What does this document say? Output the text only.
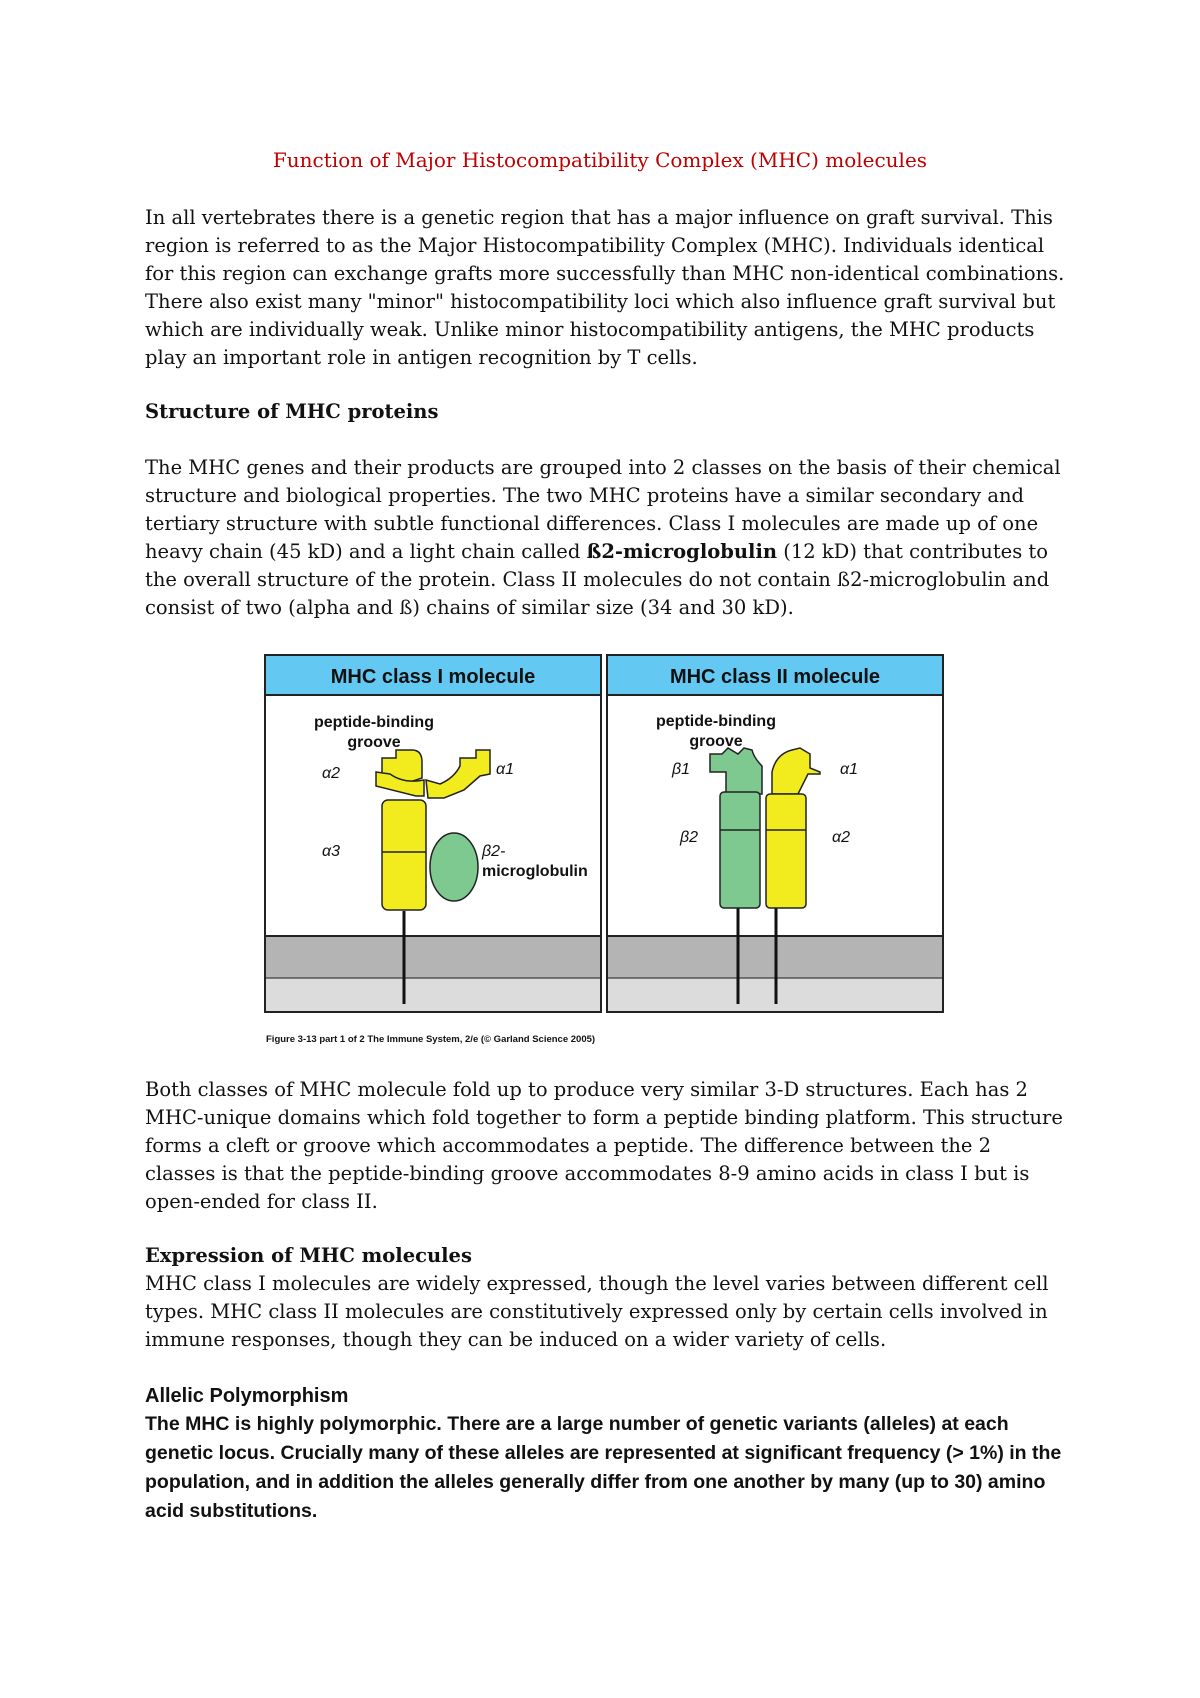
Function of Major Histocompatibility Complex (MHC) molecules

In all vertebrates there is a genetic region that has a major influence on graft survival. This region is referred to as the Major Histocompatibility Complex (MHC). Individuals identical for this region can exchange grafts more successfully than MHC non-identical combinations. There also exist many "minor" histocompatibility loci which also influence graft survival but which are individually weak. Unlike minor histocompatibility antigens, the MHC products play an important role in antigen recognition by T cells.

Structure of MHC proteins

The MHC genes and their products are grouped into 2 classes on the basis of their chemical structure and biological properties. The two MHC proteins have a similar secondary and tertiary structure with subtle functional differences. Class I molecules are made up of one heavy chain (45 kD) and a light chain called ß2-microglobulin (12 kD) that contributes to the overall structure of the protein. Class II molecules do not contain ß2-microglobulin and consist of two (alpha and ß) chains of similar size (34 and 30 kD).

MHC class I molecule
peptide-binding
groove
α2	α1
α3	β2-
microglobulin
MHC class II molecule
peptide-binding
groove
β1	α1
β2	α2
Figure 3-13 part 1 of 2 The Immune System, 2/e (© Garland Science 2005)

Both classes of MHC molecule fold up to produce very similar 3-D structures. Each has 2 MHC-unique domains which fold together to form a peptide binding platform. This structure forms a cleft or groove which accommodates a peptide. The difference between the 2 classes is that the peptide-binding groove accommodates 8-9 amino acids in class I but is open-ended for class II.

Expression of MHC molecules

MHC class I molecules are widely expressed, though the level varies between different cell types. MHC class II molecules are constitutively expressed only by certain cells involved in immune responses, though they can be induced on a wider variety of cells.

Allelic Polymorphism

The MHC is highly polymorphic. There are a large number of genetic variants (alleles) at each genetic locus. Crucially many of these alleles are represented at significant frequency (> 1%) in the population, and in addition the alleles generally differ from one another by many (up to 30) amino acid substitutions.
